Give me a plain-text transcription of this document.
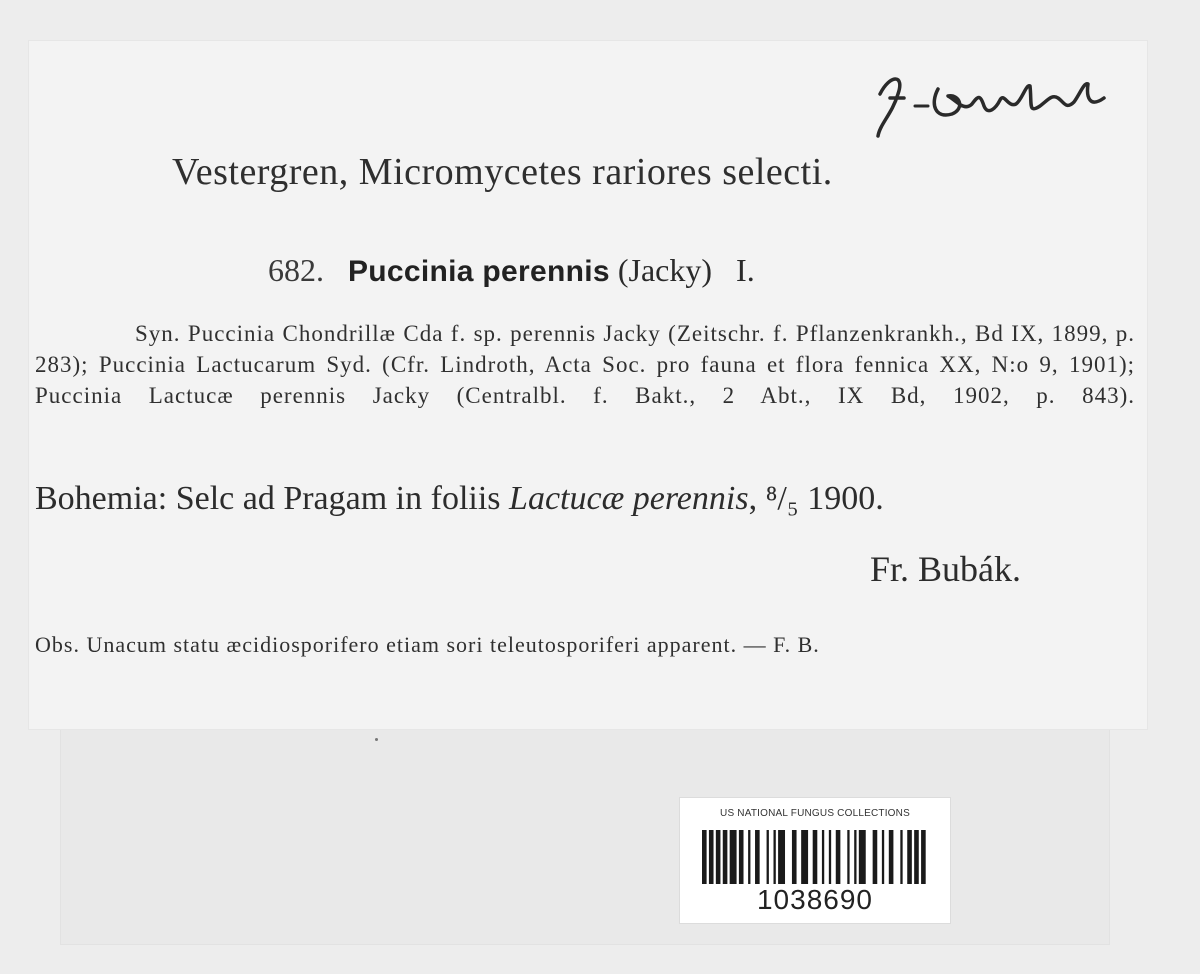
Vestergren, Micromycetes rariores selecti.
682. Puccinia perennis (Jacky) I.

Syn. Puccinia Chondrillæ Cda f. sp. perennis Jacky (Zeitschr. f. Pflanzenkrankh., Bd IX, 1899, p. 283); Puccinia Lactucarum Syd. (Cfr. Lindroth, Acta Soc. pro fauna et flora fennica XX, N:o 9, 1901); Puccinia Lactucæ perennis Jacky (Centralbl. f. Bakt., 2 Abt., IX Bd, 1902, p. 843).

Bohemia: Selc ad Pragam in foliis Lactucæ perennis, ⁸/₅ 1900.
Fr. Bubák.
Obs. Unacum statu æcidiosporifero etiam sori teleutosporiferi apparent. — F. B.
US NATIONAL FUNGUS COLLECTIONS
1038690
